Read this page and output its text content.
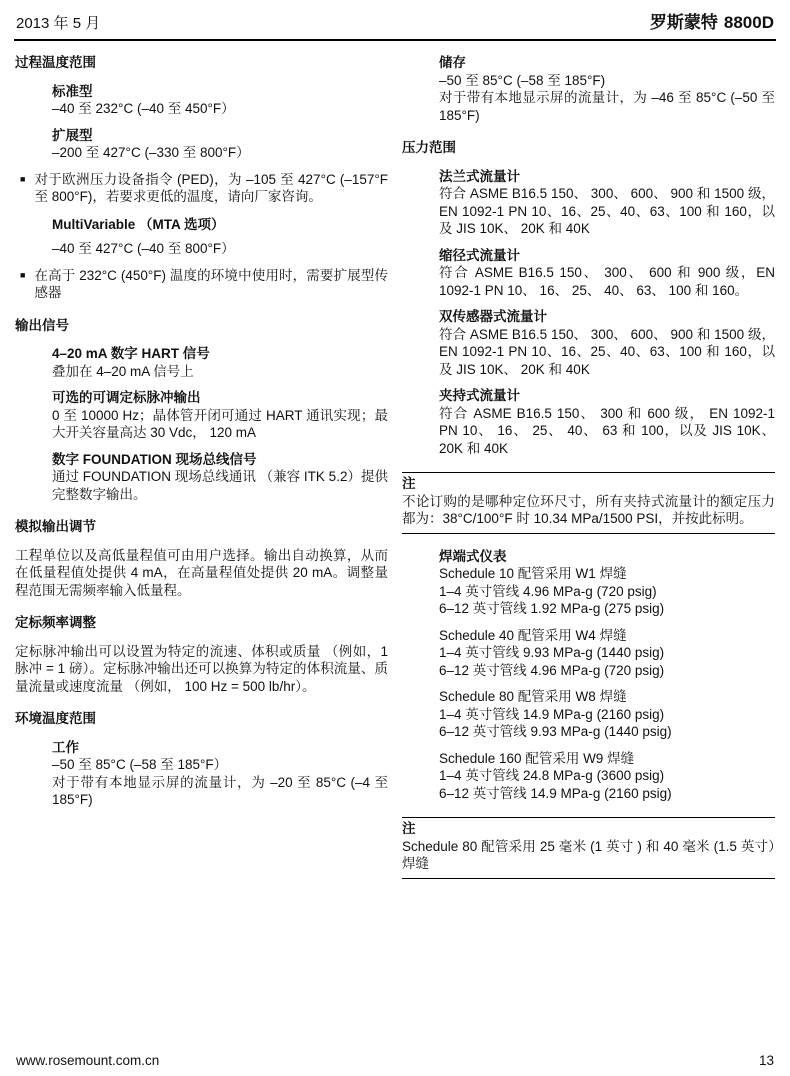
2013 年 5 月	罗斯蒙特 8800D
过程温度范围
标准型
–40 至 232°C (–40 至 450°F）
扩展型
–200 至 427°C (–330 至 800°F）
■ 对于欧洲压力设备指令 (PED)，为 –105 至 427°C (–157°F 至 800°F)，若要求更低的温度，请向厂家咨询。
MultiVariable （MTA 选项）
–40 至 427°C (–40 至 800°F）
■ 在高于 232°C (450°F) 温度的环境中使用时，需要扩展型传感器
输出信号
4–20 mA 数字 HART 信号
叠加在 4–20 mA 信号上
可选的可调定标脉冲输出
0 至 10000 Hz；晶体管开闭可通过 HART 通讯实现；最大开关容量高达 30 Vdc， 120 mA
数字 FOUNDATION 现场总线信号
通过 FOUNDATION 现场总线通讯 （兼容 ITK 5.2）提供完整数字输出。
模拟输出调节

工程单位以及高低量程值可由用户选择。输出自动换算，从而在低量程值处提供 4 mA，在高量程值处提供 20 mA。调整量程范围无需频率输入低量程。

定标频率调整

定标脉冲输出可以设置为特定的流速、体积或质量 （例如，1 脉冲 = 1 磅）。定标脉冲输出还可以换算为特定的体积流量、质量流量或速度流量 （例如， 100 Hz = 500 lb/hr）。

环境温度范围
工作
–50 至 85°C (–58 至 185°F）
对于带有本地显示屏的流量计，为 –20 至 85°C (–4 至 185°F)
储存
–50 至 85°C (–58 至 185°F)
对于带有本地显示屏的流量计，为 –46 至 85°C (–50 至 185°F)
压力范围
法兰式流量计
符合 ASME B16.5 150、 300、 600、 900 和 1500 级，EN 1092-1 PN 10、16、25、40、63、100 和 160，以及 JIS 10K、 20K 和 40K
缩径式流量计
符合 ASME B16.5 150、 300、 600 和 900 级，EN 1092-1 PN 10、 16、 25、 40、 63、 100 和 160。
双传感器式流量计
符合 ASME B16.5 150、 300、 600、 900 和 1500 级，EN 1092-1 PN 10、16、25、40、63、100 和 160，以及 JIS 10K、 20K 和 40K
夹持式流量计
符合 ASME B16.5 150、 300 和 600 级， EN 1092-1 PN 10、 16、 25、 40、 63 和 100，以及 JIS 10K、 20K 和 40K
注
不论订购的是哪种定位环尺寸，所有夹持式流量计的额定压力都为：38°C/100°F 时 10.34 MPa/1500 PSI，并按此标明。
焊端式仪表
Schedule 10 配管采用 W1 焊缝
1–4 英寸管线 4.96 MPa-g (720 psig)
6–12 英寸管线 1.92 MPa-g (275 psig)
Schedule 40 配管采用 W4 焊缝
1–4 英寸管线 9.93 MPa-g (1440 psig)
6–12 英寸管线 4.96 MPa-g (720 psig)
Schedule 80 配管采用 W8 焊缝
1–4 英寸管线 14.9 MPa-g (2160 psig)
6–12 英寸管线 9.93 MPa-g (1440 psig)
Schedule 160 配管采用 W9 焊缝
1–4 英寸管线 24.8 MPa-g (3600 psig)
6–12 英寸管线 14.9 MPa-g (2160 psig)
注
Schedule 80 配管采用 25 毫米 (1 英寸 ) 和 40 毫米 (1.5 英寸）焊缝
www.rosemount.com.cn	13
